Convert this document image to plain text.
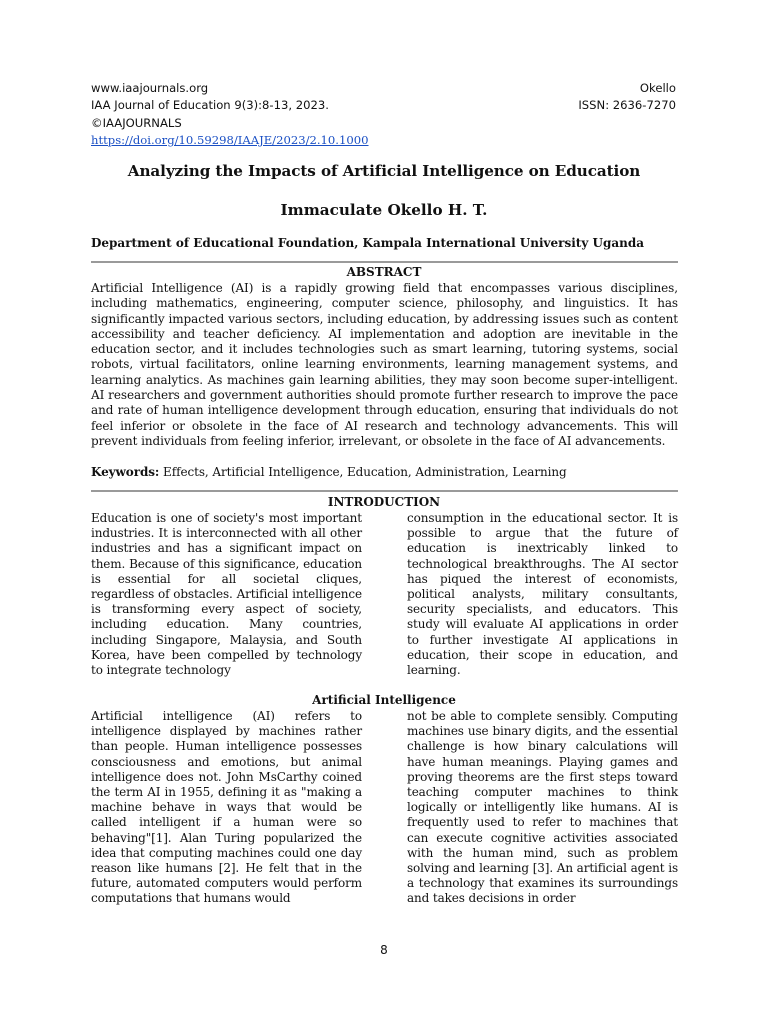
www.iaajournals.org
IAA Journal of Education 9(3):8-13, 2023.
©IAAJOURNALS
https://doi.org/10.59298/IAAJE/2023/2.10.1000
Okello
ISSN: 2636-7270
Analyzing the Impacts of Artificial Intelligence on Education
Immaculate Okello H. T.
Department of Educational Foundation, Kampala International University Uganda
ABSTRACT
Artificial Intelligence (AI) is a rapidly growing field that encompasses various disciplines, including mathematics, engineering, computer science, philosophy, and linguistics. It has significantly impacted various sectors, including education, by addressing issues such as content accessibility and teacher deficiency. AI implementation and adoption are inevitable in the education sector, and it includes technologies such as smart learning, tutoring systems, social robots, virtual facilitators, online learning environments, learning management systems, and learning analytics. As machines gain learning abilities, they may soon become super-intelligent. AI researchers and government authorities should promote further research to improve the pace and rate of human intelligence development through education, ensuring that individuals do not feel inferior or obsolete in the face of AI research and technology advancements. This will prevent individuals from feeling inferior, irrelevant, or obsolete in the face of AI advancements.
Keywords: Effects, Artificial Intelligence, Education, Administration, Learning
INTRODUCTION
Education is one of society's most important industries. It is interconnected with all other industries and has a significant impact on them. Because of this significance, education is essential for all societal cliques, regardless of obstacles. Artificial intelligence is transforming every aspect of society, including education. Many countries, including Singapore, Malaysia, and South Korea, have been compelled by technology to integrate technology
consumption in the educational sector. It is possible to argue that the future of education is inextricably linked to technological breakthroughs. The AI sector has piqued the interest of economists, political analysts, military consultants, security specialists, and educators. This study will evaluate AI applications in order to further investigate AI applications in education, their scope in education, and learning.
Artificial Intelligence
Artificial intelligence (AI) refers to intelligence displayed by machines rather than people. Human intelligence possesses consciousness and emotions, but animal intelligence does not. John MsCarthy coined the term AI in 1955, defining it as "making a machine behave in ways that would be called intelligent if a human were so behaving"[1]. Alan Turing popularized the idea that computing machines could one day reason like humans [2]. He felt that in the future, automated computers would perform computations that humans would
not be able to complete sensibly. Computing machines use binary digits, and the essential challenge is how binary calculations will have human meanings. Playing games and proving theorems are the first steps toward teaching computer machines to think logically or intelligently like humans. AI is frequently used to refer to machines that can execute cognitive activities associated with the human mind, such as problem solving and learning [3]. An artificial agent is a technology that examines its surroundings and takes decisions in order
8
